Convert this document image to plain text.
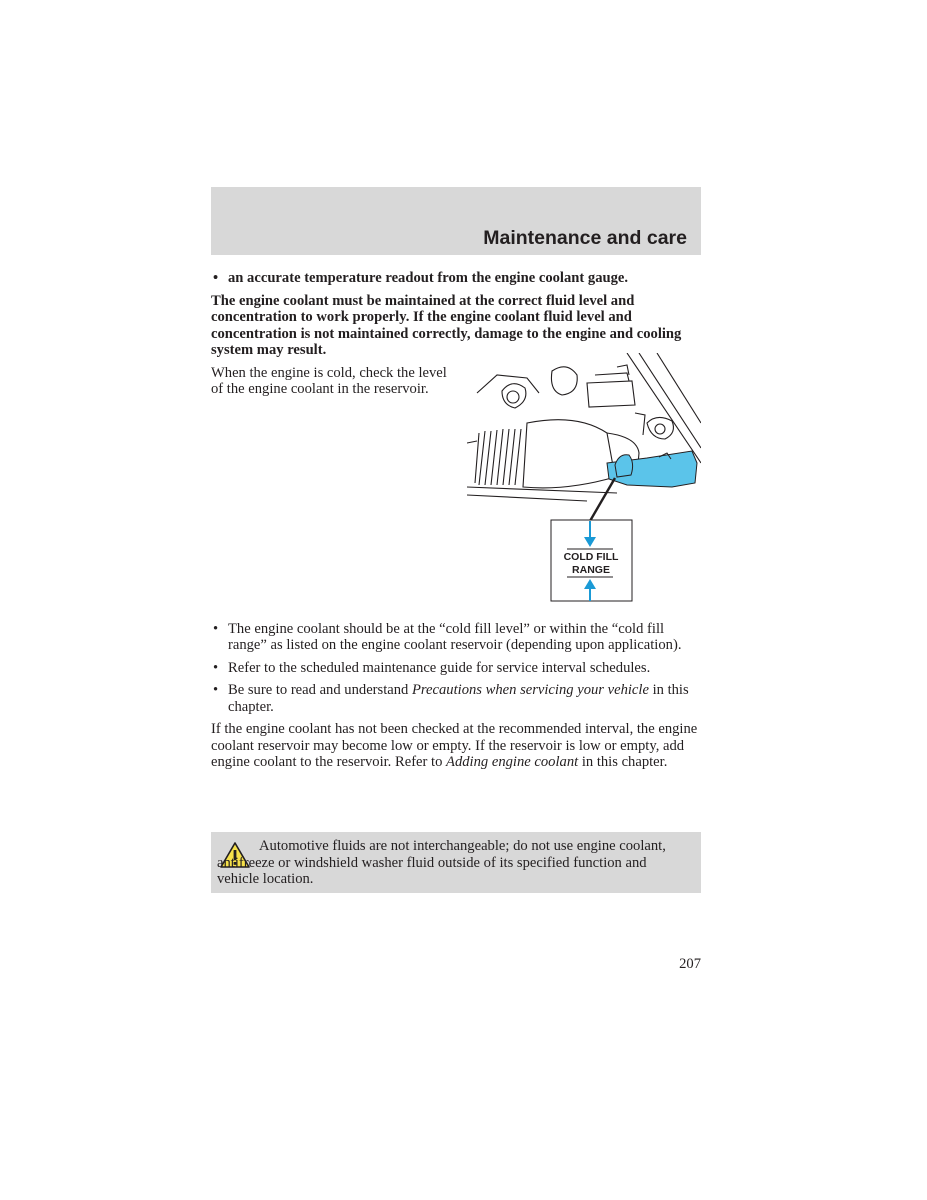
Maintenance and care
• an accurate temperature readout from the engine coolant gauge.

The engine coolant must be maintained at the correct fluid level and concentration to work properly. If the engine coolant fluid level and concentration is not maintained correctly, damage to the engine and cooling system may result.

When the engine is cold, check the level of the engine coolant in the reservoir.
COLD FILL
RANGE
• The engine coolant should be at the “cold fill level” or within the “cold fill range” as listed on the engine coolant reservoir (depending upon application).
• Refer to the scheduled maintenance guide for service interval schedules.
• Be sure to read and understand Precautions when servicing your vehicle in this chapter.

If the engine coolant has not been checked at the recommended interval, the engine coolant reservoir may become low or empty. If the reservoir is low or empty, add engine coolant to the reservoir. Refer to Adding engine coolant in this chapter.

Automotive fluids are not interchangeable; do not use engine coolant, antifreeze or windshield washer fluid outside of its specified function and vehicle location.
207
